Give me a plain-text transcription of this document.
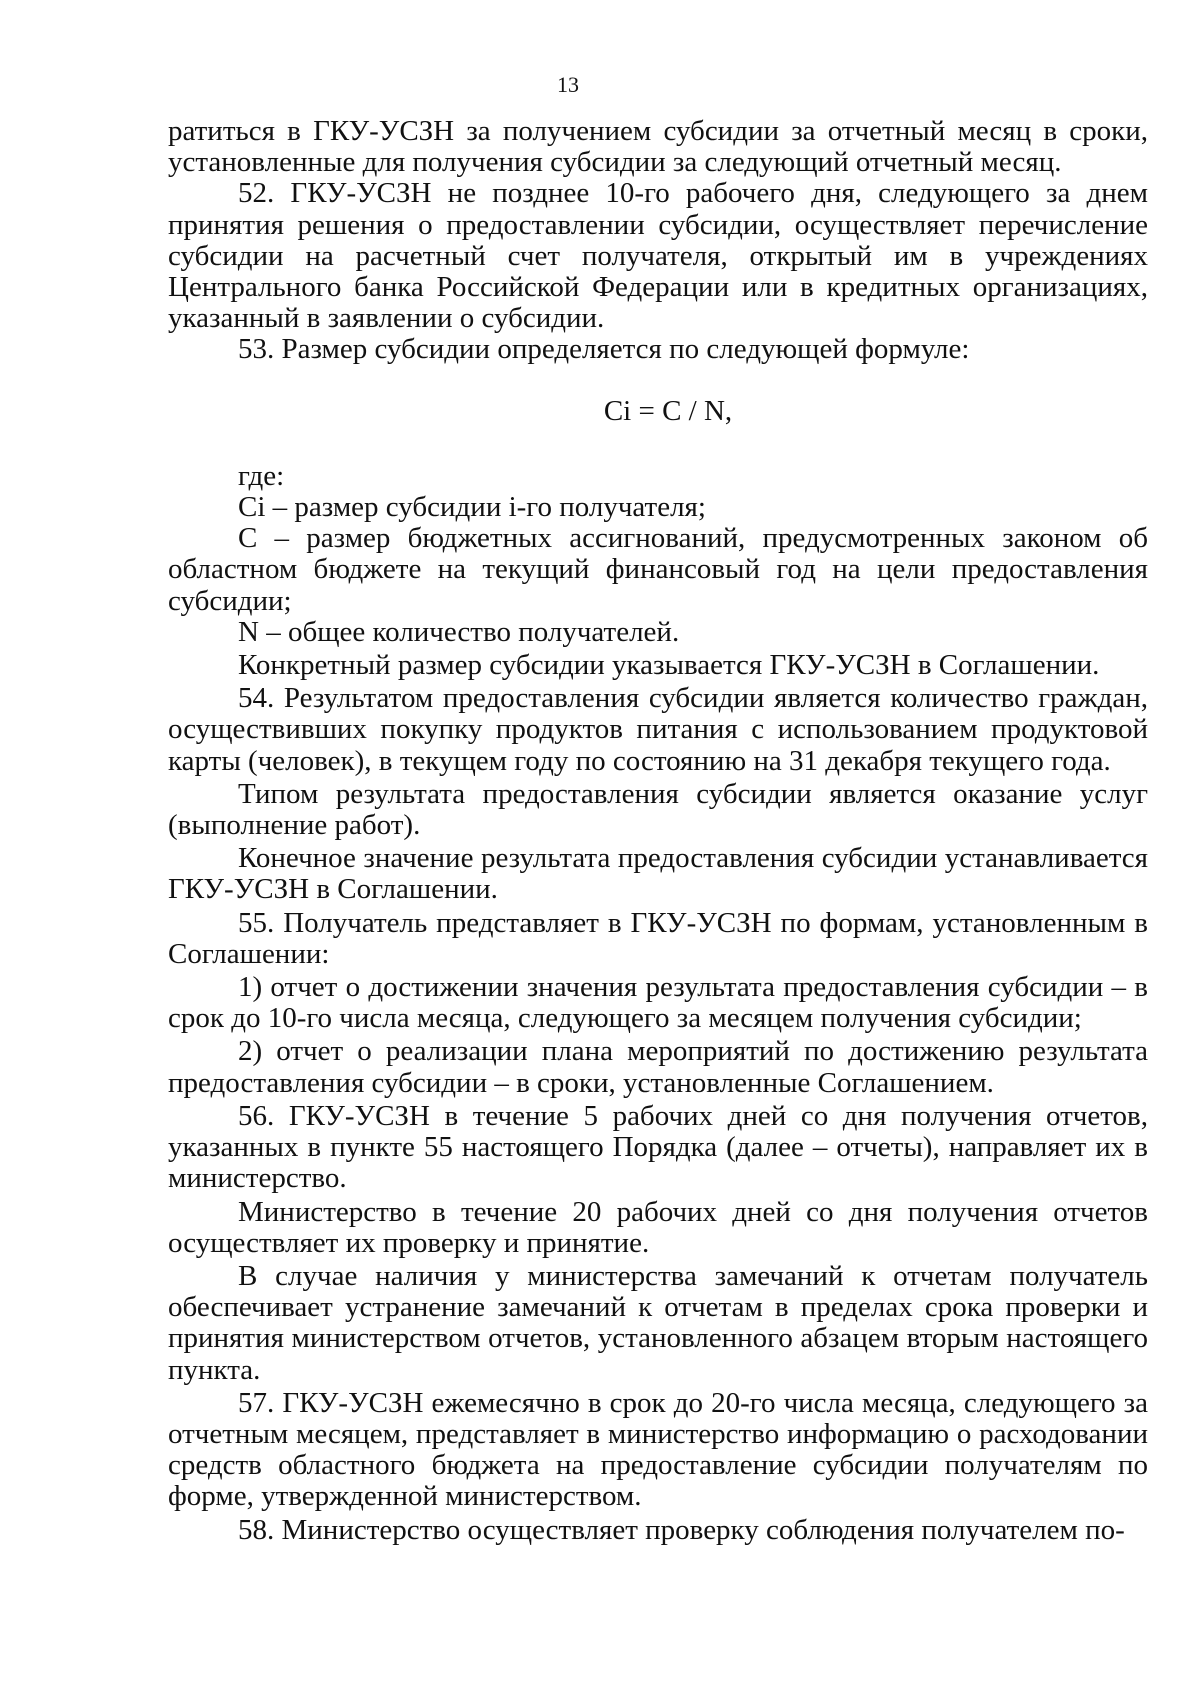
13

ратиться в ГКУ-УСЗН за получением субсидии за отчетный месяц в сроки, установленные для получения субсидии за следующий отчетный месяц.

52. ГКУ-УСЗН не позднее 10-го рабочего дня, следующего за днем принятия решения о предоставлении субсидии, осуществляет перечисление субсидии на расчетный счет получателя, открытый им в учреждениях Центрального банка Российской Федерации или в кредитных организациях, указанный в заявлении о субсидии.

53. Размер субсидии определяется по следующей формуле:

Ci = C / N,

где:

Ci – размер субсидии i-го получателя;

С – размер бюджетных ассигнований, предусмотренных законом об областном бюджете на текущий финансовый год на цели предоставления субсидии;

N – общее количество получателей.

Конкретный размер субсидии указывается ГКУ-УСЗН в Соглашении.

54. Результатом предоставления субсидии является количество граждан, осуществивших покупку продуктов питания с использованием продуктовой карты (человек), в текущем году по состоянию на 31 декабря текущего года.

Типом результата предоставления субсидии является оказание услуг (выполнение работ).

Конечное значение результата предоставления субсидии устанавливается ГКУ-УСЗН в Соглашении.

55. Получатель представляет в ГКУ-УСЗН по формам, установленным в Соглашении:

1) отчет о достижении значения результата предоставления субсидии – в срок до 10-го числа месяца, следующего за месяцем получения субсидии;

2) отчет о реализации плана мероприятий по достижению результата предоставления субсидии – в сроки, установленные Соглашением.

56. ГКУ-УСЗН в течение 5 рабочих дней со дня получения отчетов, указанных в пункте 55 настоящего Порядка (далее – отчеты), направляет их в министерство.

Министерство в течение 20 рабочих дней со дня получения отчетов осуществляет их проверку и принятие.

В случае наличия у министерства замечаний к отчетам получатель обеспечивает устранение замечаний к отчетам в пределах срока проверки и принятия министерством отчетов, установленного абзацем вторым настоящего пункта.

57. ГКУ-УСЗН ежемесячно в срок до 20-го числа месяца, следующего за отчетным месяцем, представляет в министерство информацию о расходовании средств областного бюджета на предоставление субсидии получателям по форме, утвержденной министерством.

58. Министерство осуществляет проверку соблюдения получателем по-
